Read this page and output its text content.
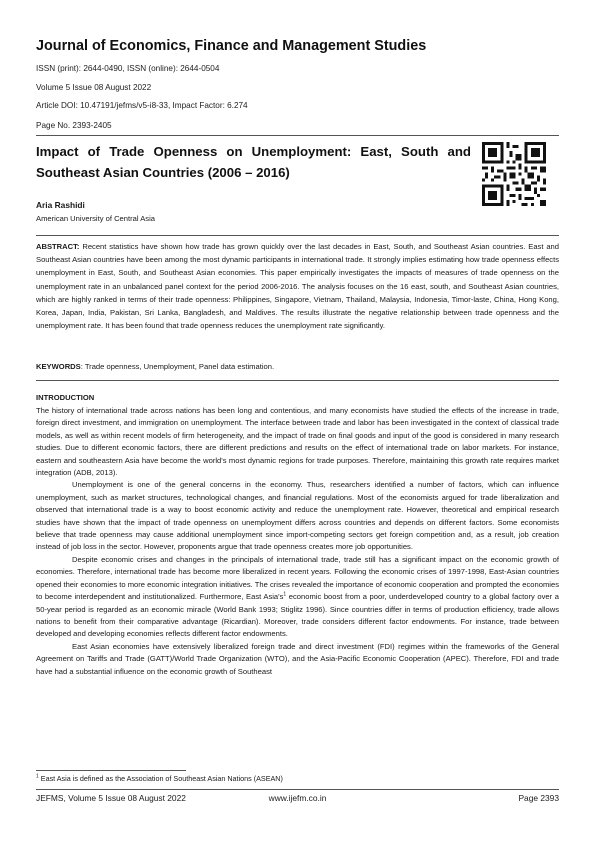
Journal of Economics, Finance and Management Studies
ISSN (print): 2644-0490, ISSN (online): 2644-0504
Volume 5 Issue 08 August 2022
Article DOI: 10.47191/jefms/v5-i8-33, Impact Factor: 6.274
Page No. 2393-2405
Impact of Trade Openness on Unemployment: East, South and Southeast Asian Countries (2006 – 2016)
Aria Rashidi
American University of Central Asia
ABSTRACT: Recent statistics have shown how trade has grown quickly over the last decades in East, South, and Southeast Asian countries. East and Southeast Asian countries have been among the most dynamic participants in international trade. It strongly implies estimating how trade openness effects unemployment in East, South, and Southeast Asian economies. This paper empirically investigates the impacts of measures of trade openness on the unemployment rate in an unbalanced panel context for the period 2006-2016. The analysis focuses on the 16 east, south, and Southeast Asian countries, which are highly ranked in terms of their trade openness: Philippines, Singapore, Vietnam, Thailand, Malaysia, Indonesia, Timor-laste, China, Hong Kong, Korea, Japan, India, Pakistan, Sri Lanka, Bangladesh, and Maldives. The results illustrate the negative relationship between trade openness and the unemployment rate. It has been found that trade openness reduces the unemployment rate significantly.
KEYWORDS: Trade openness, Unemployment, Panel data estimation.
INTRODUCTION

The history of international trade across nations has been long and contentious, and many economists have studied the effects of the increase in trade, foreign direct investment, and immigration on unemployment. The interface between trade and labor has been investigated in the context of classical trade models, as well as within recent models of firm heterogeneity, and the impact of trade on final goods and input of the good is considered in many research studies. Due to different economic factors, there are different predictions and results on the effect of international trade on labor markets. For instance, eastern and southeastern Asia have become the world's most dynamic regions for trade purposes. Therefore, maintaining this growth rate requires market integration (ADB, 2013).

Unemployment is one of the general concerns in the economy. Thus, researchers identified a number of factors, which can influence unemployment, such as market structures, technological changes, and financial regulations. Most of the economists argued for trade liberalization and observed that international trade is a way to boost economic activity and reduce the unemployment rate. However, theoretical and empirical research studies have shown that the impact of trade openness on unemployment differs across countries and depends on different factors. Some economists believe that trade openness may cause additional unemployment since import-competing sectors get foreign competition and, as a result, job creation instead of job loss in the sector. However, proponents argue that trade openness creates more job opportunities.

Despite economic crises and changes in the principals of international trade, trade still has a significant impact on the economic growth of economies. Therefore, international trade has become more liberalized in recent years. Following the economic crises of 1997-1998, East-Asian countries opened their economies to more economic integration initiatives. The crises revealed the importance of economic cooperation and prompted the economies to become interdependent and institutionalized. Furthermore, East $Asia's^1$ economic boost from a poor, underdeveloped country to a global factory over a 50-year period is regarded as an economic miracle (World Bank 1993; Stiglitz 1996). Since countries differ in terms of production efficiency, trade allows nations to benefit from their comparative advantage (Ricardian). Moreover, trade considers different factor endowments. For instance, trade between developed and developing economies reflects different factor endowments.

East Asian economies have extensively liberalized foreign trade and direct investment (FDI) regimes within the frameworks of the General Agreement on Tariffs and Trade (GATT)/World Trade Organization (WTO), and the Asia-Pacific Economic Cooperation (APEC). Therefore, FDI and trade have had a substantial influence on the economic growth of Southeast

$^1$ East Asia is defined as the Association of Southeast Asian Nations (ASEAN)
JEFMS, Volume 5 Issue 08 August 2022	www.ijefm.co.in	Page 2393
